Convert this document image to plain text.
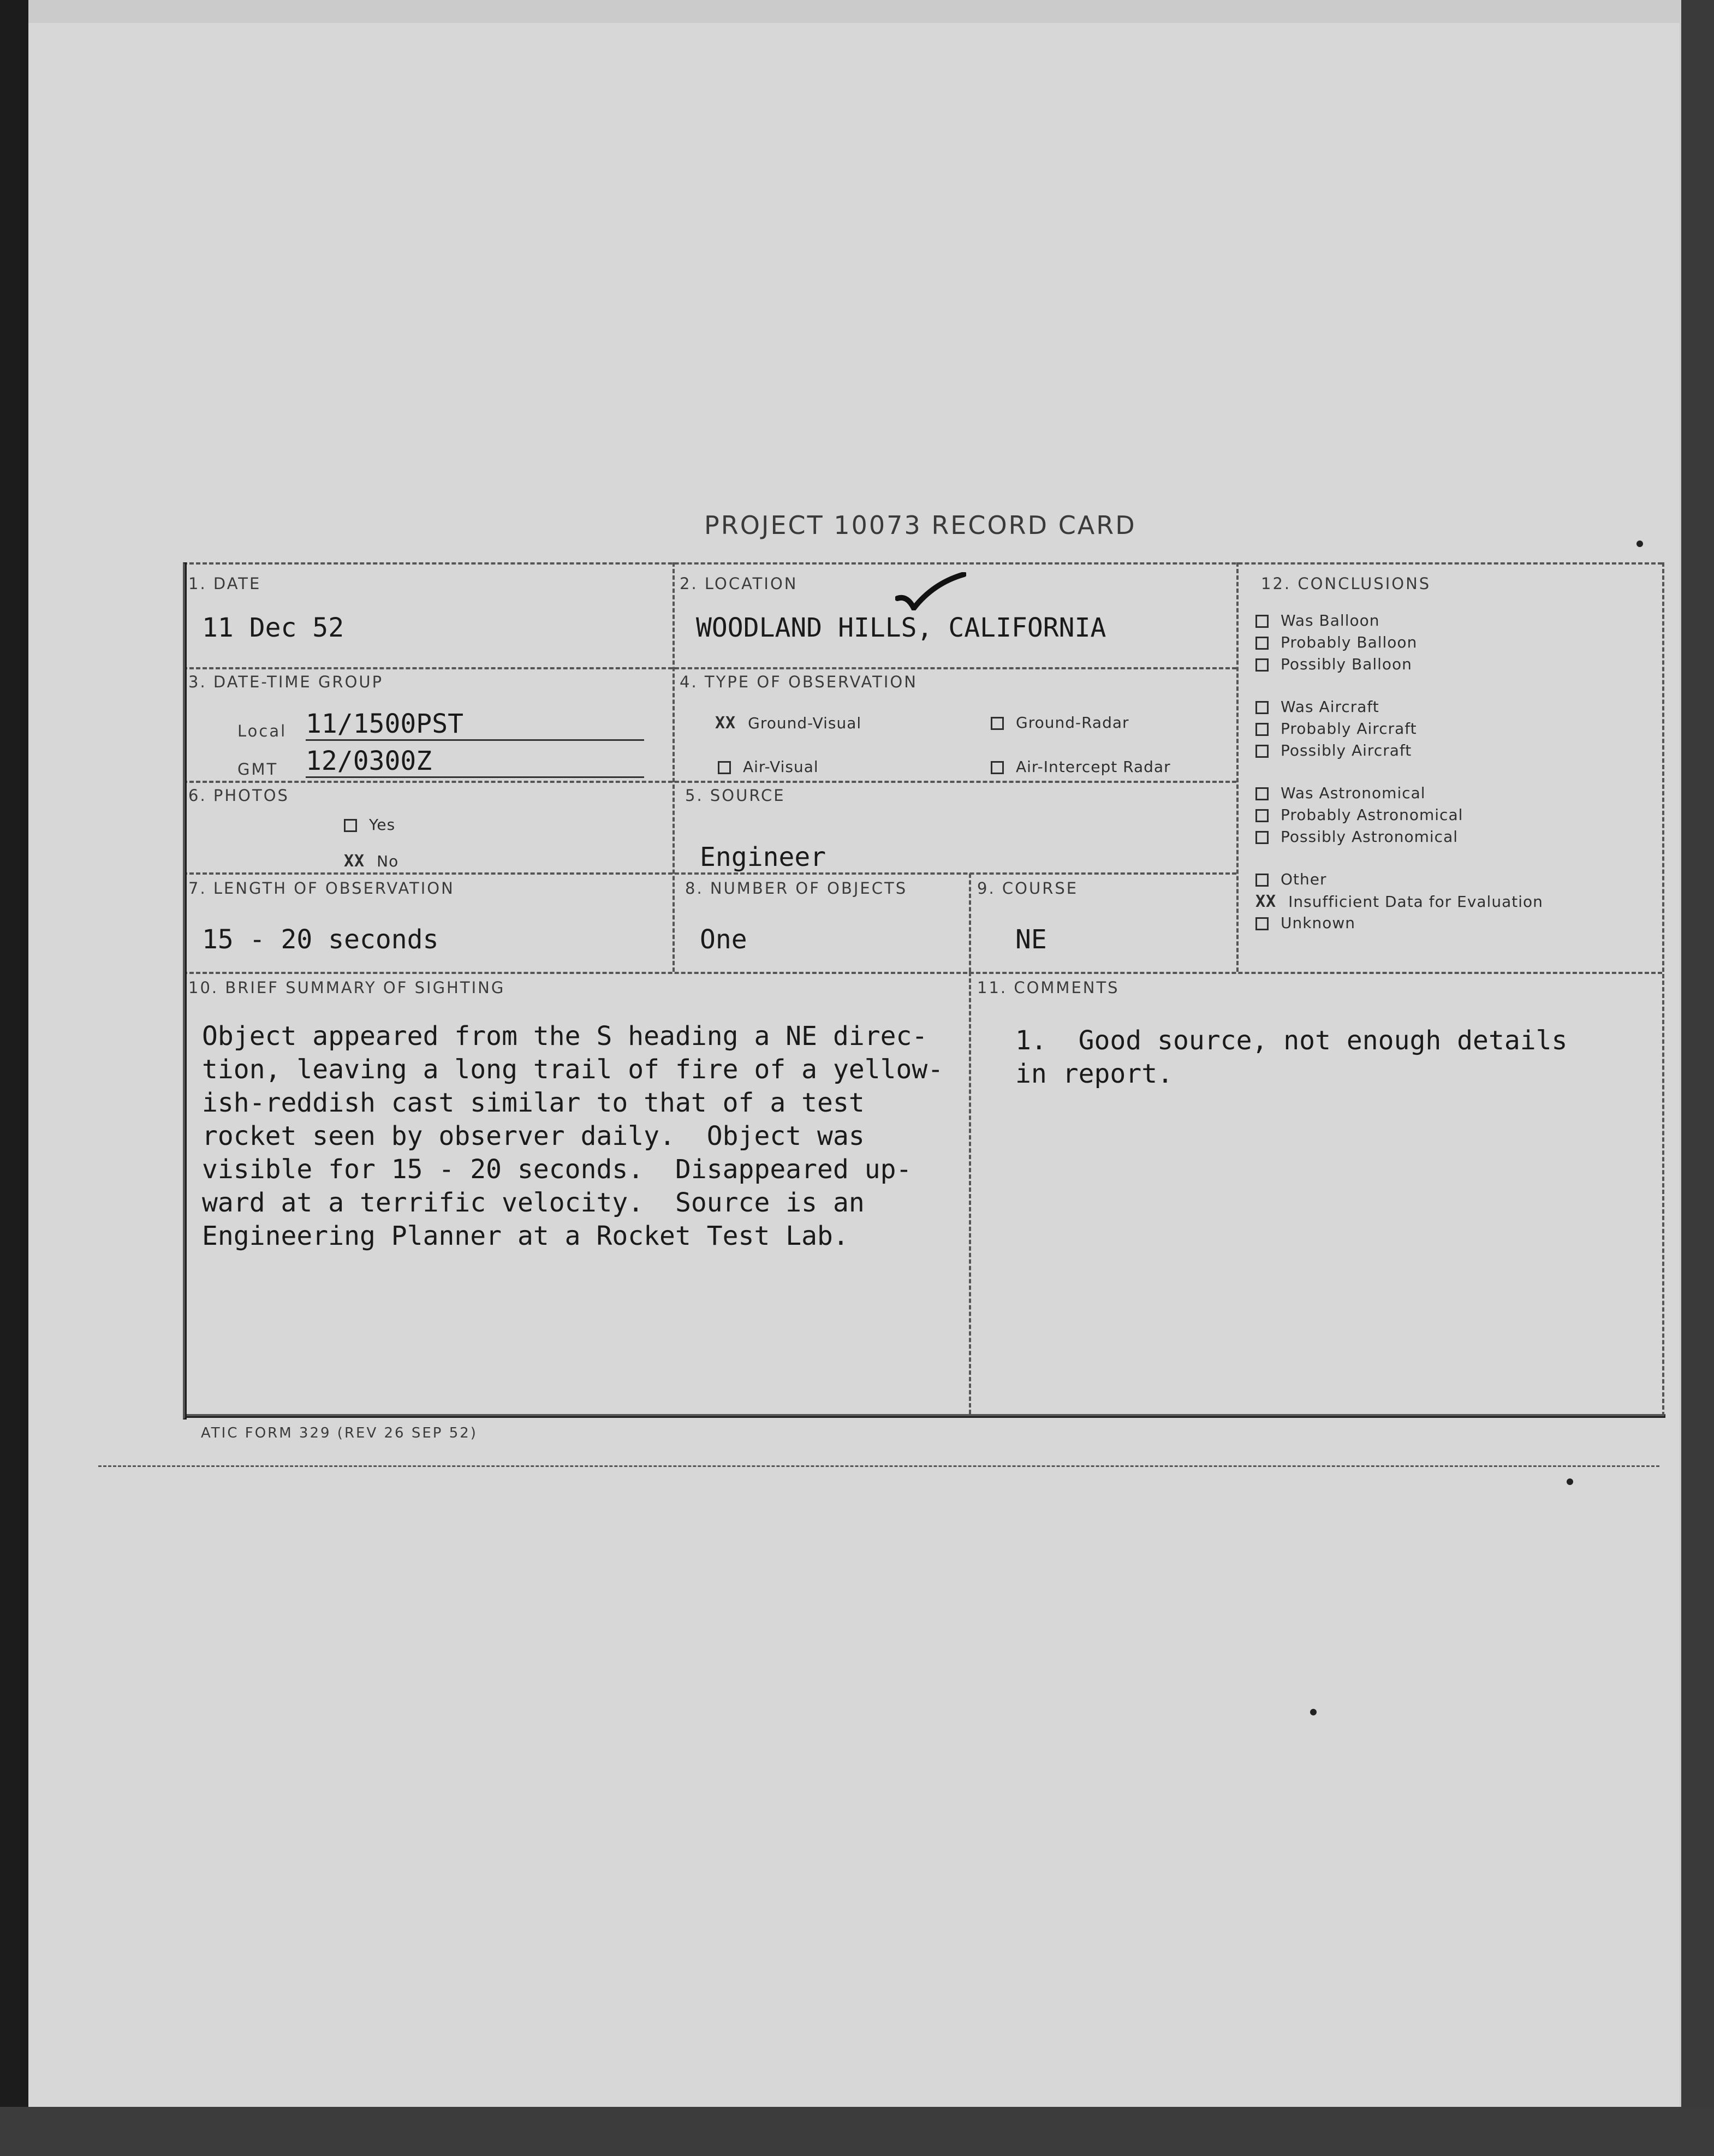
PROJECT 10073 RECORD CARD
1. DATE
11 Dec 52
2. LOCATION
WOODLAND HILLS, CALIFORNIA
3. DATE-TIME GROUP
Local 11/1500PST
GMT 12/0300Z
4. TYPE OF OBSERVATION
XX Ground-Visual	Ground-Radar
Air-Visual	Air-Intercept Radar
6. PHOTOS
Yes
XX No
5. SOURCE
Engineer
7. LENGTH OF OBSERVATION
15 - 20 seconds
8. NUMBER OF OBJECTS
One
9. COURSE
NE
10. BRIEF SUMMARY OF SIGHTING
Object appeared from the S heading a NE direc-
tion, leaving a long trail of fire of a yellow-
ish-reddish cast similar to that of a test
rocket seen by observer daily.  Object was
visible for 15 - 20 seconds.  Disappeared up-
ward at a terrific velocity.  Source is an
Engineering Planner at a Rocket Test Lab.
11. COMMENTS
1.  Good source, not enough details
in report.
12. CONCLUSIONS
Was Balloon
Probably Balloon
Possibly Balloon
Was Aircraft
Probably Aircraft
Possibly Aircraft
Was Astronomical
Probably Astronomical
Possibly Astronomical
Other
XX Insufficient Data for Evaluation
Unknown
ATIC FORM 329 (REV 26 SEP 52)
